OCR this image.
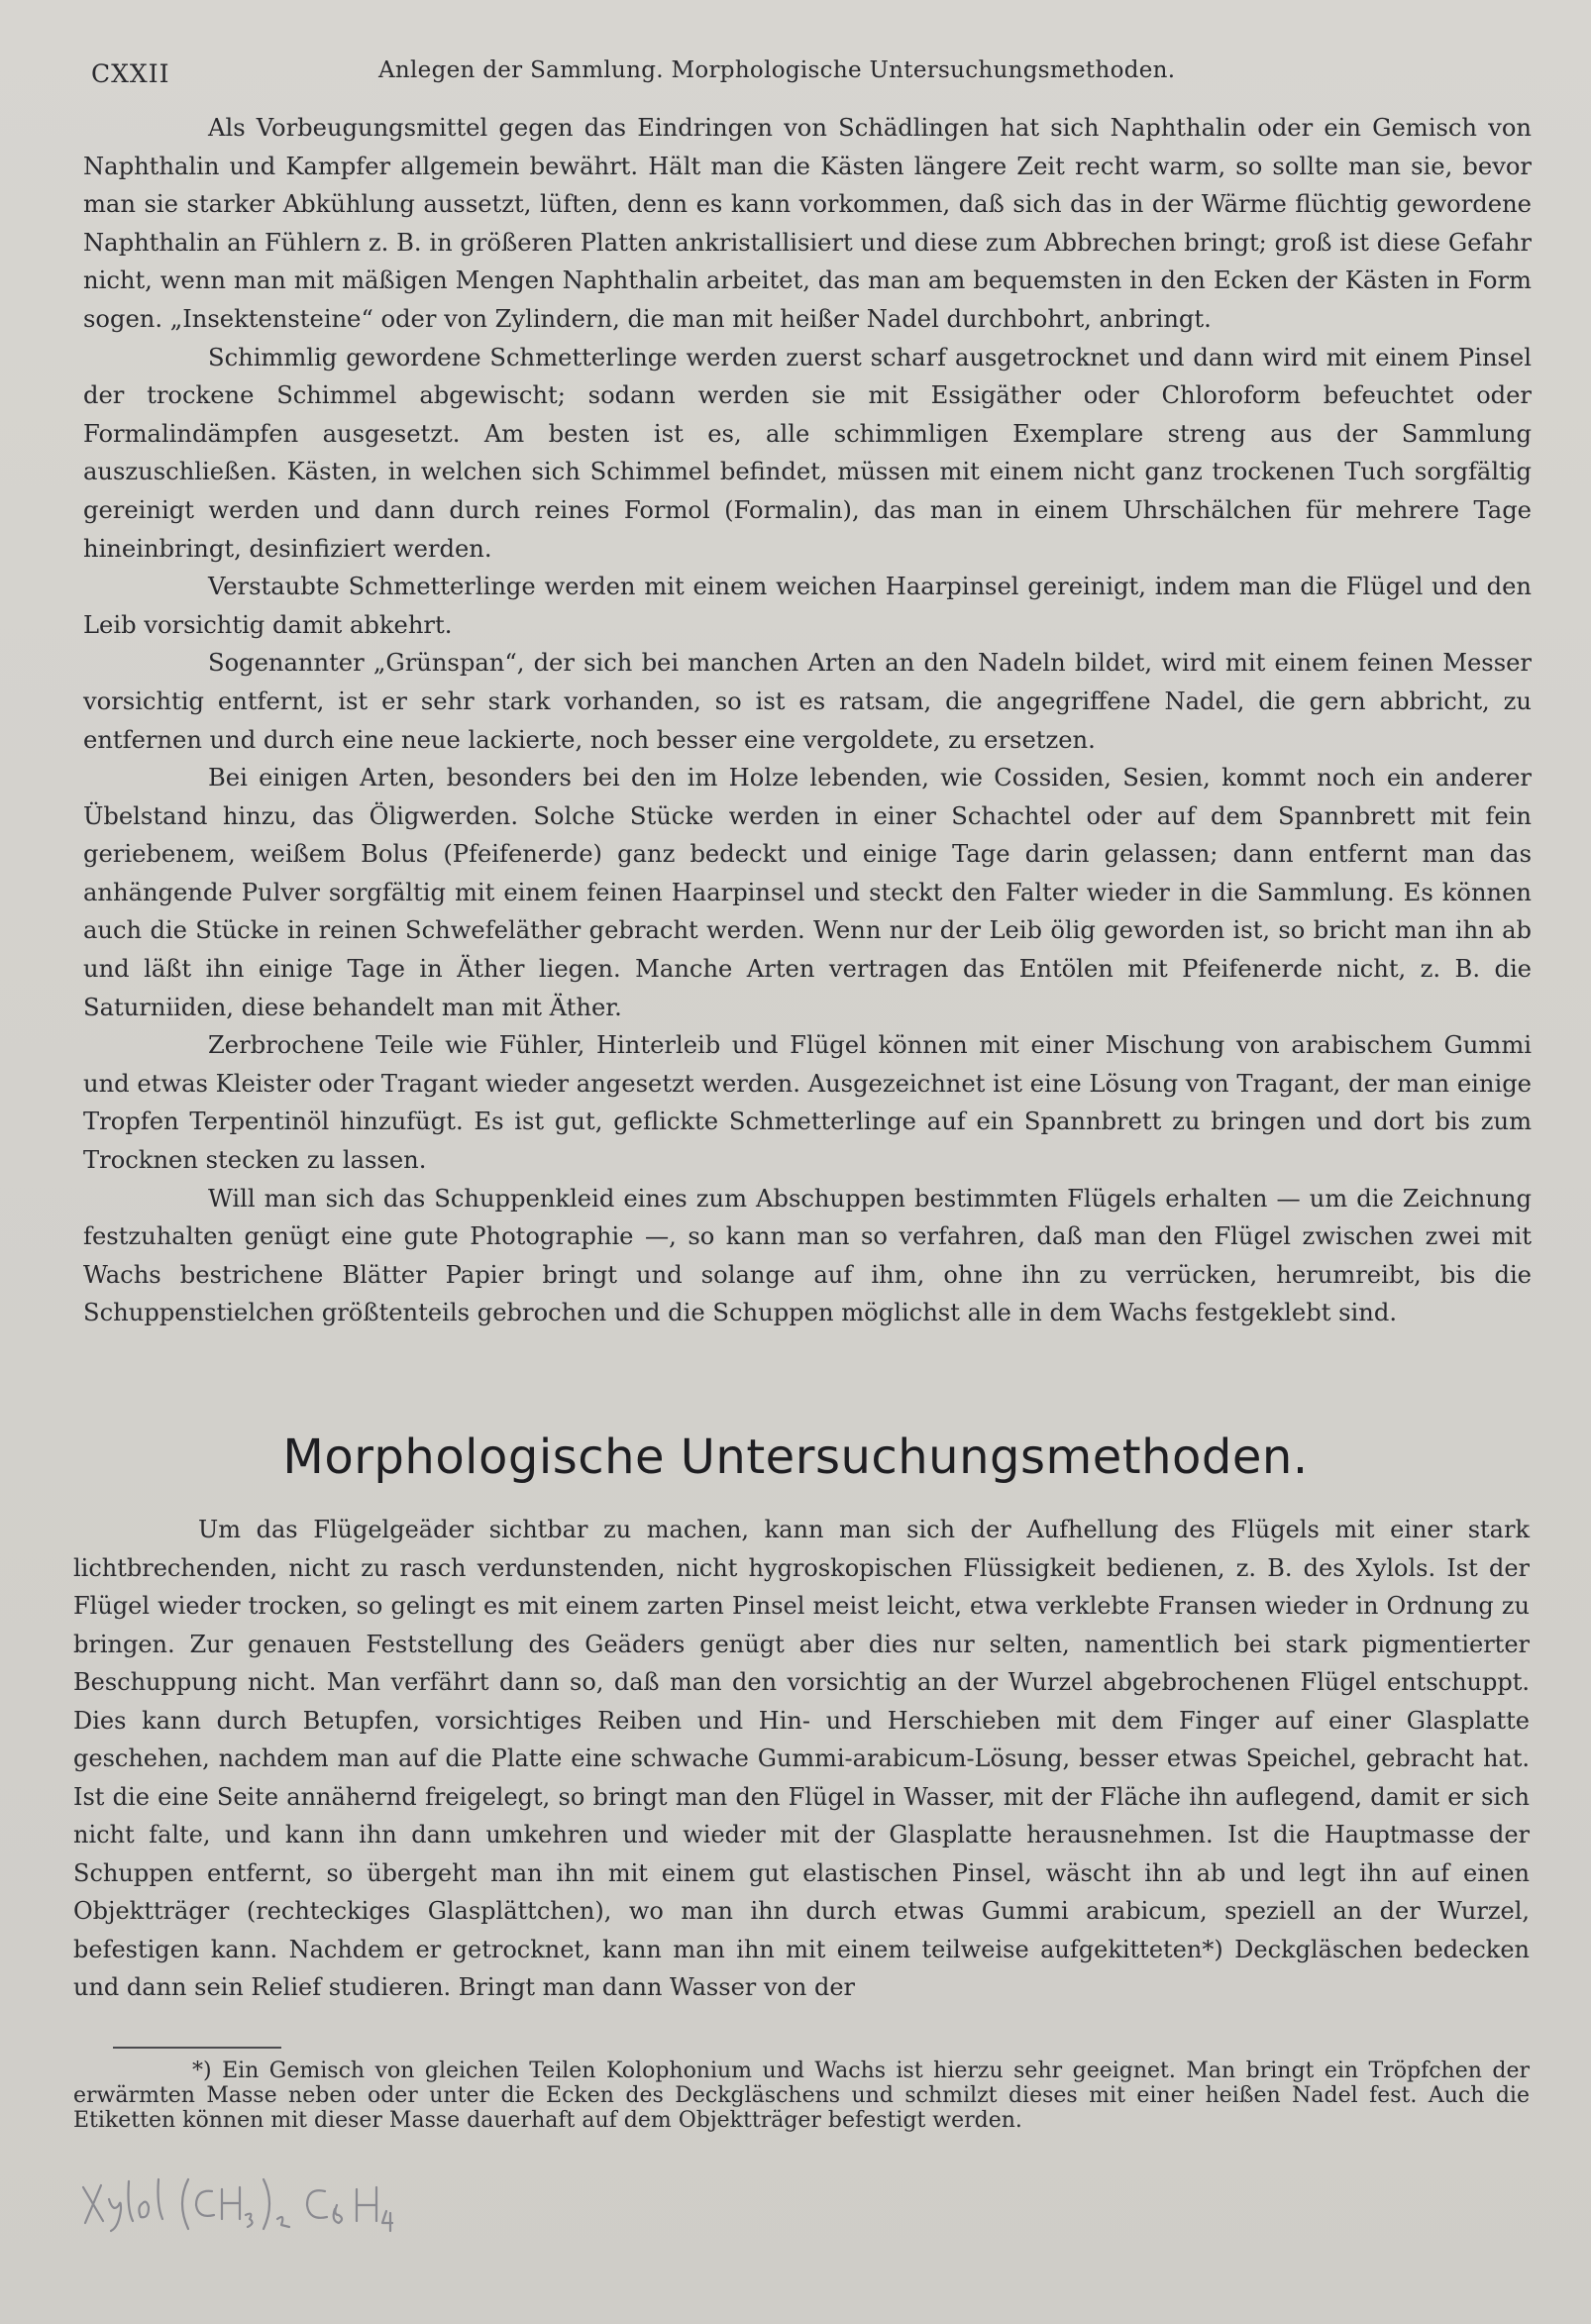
CXXII	Anlegen der Sammlung. Morphologische Untersuchungsmethoden.

Als Vorbeugungsmittel gegen das Eindringen von Schädlingen hat sich Naphthalin oder ein Gemisch von Naphthalin und Kampfer allgemein bewährt. Hält man die Kästen längere Zeit recht warm, so sollte man sie, bevor man sie starker Abkühlung aussetzt, lüften, denn es kann vorkommen, daß sich das in der Wärme flüchtig gewordene Naphthalin an Fühlern z. B. in größeren Platten ankristallisiert und diese zum Abbrechen bringt; groß ist diese Gefahr nicht, wenn man mit mäßigen Mengen Naphthalin arbeitet, das man am bequemsten in den Ecken der Kästen in Form sogen. „Insektensteine“ oder von Zylindern, die man mit heißer Nadel durchbohrt, anbringt.

Schimmlig gewordene Schmetterlinge werden zuerst scharf ausgetrocknet und dann wird mit einem Pinsel der trockene Schimmel abgewischt; sodann werden sie mit Essigäther oder Chloroform befeuchtet oder Formalindämpfen ausgesetzt. Am besten ist es, alle schimmligen Exemplare streng aus der Sammlung auszuschließen. Kästen, in welchen sich Schimmel befindet, müssen mit einem nicht ganz trockenen Tuch sorgfältig gereinigt werden und dann durch reines Formol (Formalin), das man in einem Uhrschälchen für mehrere Tage hineinbringt, desinfiziert werden.

Verstaubte Schmetterlinge werden mit einem weichen Haarpinsel gereinigt, indem man die Flügel und den Leib vorsichtig damit abkehrt.

Sogenannter „Grünspan“, der sich bei manchen Arten an den Nadeln bildet, wird mit einem feinen Messer vorsichtig entfernt, ist er sehr stark vorhanden, so ist es ratsam, die angegriffene Nadel, die gern abbricht, zu entfernen und durch eine neue lackierte, noch besser eine vergoldete, zu ersetzen.

Bei einigen Arten, besonders bei den im Holze lebenden, wie Cossiden, Sesien, kommt noch ein anderer Übelstand hinzu, das Öligwerden. Solche Stücke werden in einer Schachtel oder auf dem Spannbrett mit fein geriebenem, weißem Bolus (Pfeifenerde) ganz bedeckt und einige Tage darin gelassen; dann entfernt man das anhängende Pulver sorgfältig mit einem feinen Haarpinsel und steckt den Falter wieder in die Sammlung. Es können auch die Stücke in reinen Schwefeläther gebracht werden. Wenn nur der Leib ölig geworden ist, so bricht man ihn ab und läßt ihn einige Tage in Äther liegen. Manche Arten vertragen das Entölen mit Pfeifenerde nicht, z. B. die Saturniiden, diese behandelt man mit Äther.

Zerbrochene Teile wie Fühler, Hinterleib und Flügel können mit einer Mischung von arabischem Gummi und etwas Kleister oder Tragant wieder angesetzt werden. Ausgezeichnet ist eine Lösung von Tragant, der man einige Tropfen Terpentinöl hinzufügt. Es ist gut, geflickte Schmetterlinge auf ein Spannbrett zu bringen und dort bis zum Trocknen stecken zu lassen.

Will man sich das Schuppenkleid eines zum Abschuppen bestimmten Flügels erhalten — um die Zeichnung festzuhalten genügt eine gute Photographie —, so kann man so verfahren, daß man den Flügel zwischen zwei mit Wachs bestrichene Blätter Papier bringt und solange auf ihm, ohne ihn zu verrücken, herumreibt, bis die Schuppenstielchen größtenteils gebrochen und die Schuppen möglichst alle in dem Wachs festgeklebt sind.

Morphologische Untersuchungsmethoden.

Um das Flügelgeäder sichtbar zu machen, kann man sich der Aufhellung des Flügels mit einer stark lichtbrechenden, nicht zu rasch verdunstenden, nicht hygroskopischen Flüssigkeit bedienen, z. B. des Xylols. Ist der Flügel wieder trocken, so gelingt es mit einem zarten Pinsel meist leicht, etwa verklebte Fransen wieder in Ordnung zu bringen. Zur genauen Feststellung des Geäders genügt aber dies nur selten, namentlich bei stark pigmentierter Beschuppung nicht. Man verfährt dann so, daß man den vorsichtig an der Wurzel abgebrochenen Flügel entschuppt. Dies kann durch Betupfen, vorsichtiges Reiben und Hin- und Herschieben mit dem Finger auf einer Glasplatte geschehen, nachdem man auf die Platte eine schwache Gummi-arabicum-Lösung, besser etwas Speichel, gebracht hat. Ist die eine Seite annähernd freigelegt, so bringt man den Flügel in Wasser, mit der Fläche ihn auflegend, damit er sich nicht falte, und kann ihn dann umkehren und wieder mit der Glasplatte herausnehmen. Ist die Hauptmasse der Schuppen entfernt, so übergeht man ihn mit einem gut elastischen Pinsel, wäscht ihn ab und legt ihn auf einen Objektträger (rechteckiges Glasplättchen), wo man ihn durch etwas Gummi arabicum, speziell an der Wurzel, befestigen kann. Nachdem er getrocknet, kann man ihn mit einem teilweise aufgekitteten*) Deckgläschen bedecken und dann sein Relief studieren. Bringt man dann Wasser von der

*) Ein Gemisch von gleichen Teilen Kolophonium und Wachs ist hierzu sehr geeignet. Man bringt ein Tröpfchen der erwärmten Masse neben oder unter die Ecken des Deckgläschens und schmilzt dieses mit einer heißen Nadel fest. Auch die Etiketten können mit dieser Masse dauerhaft auf dem Objektträger befestigt werden.
